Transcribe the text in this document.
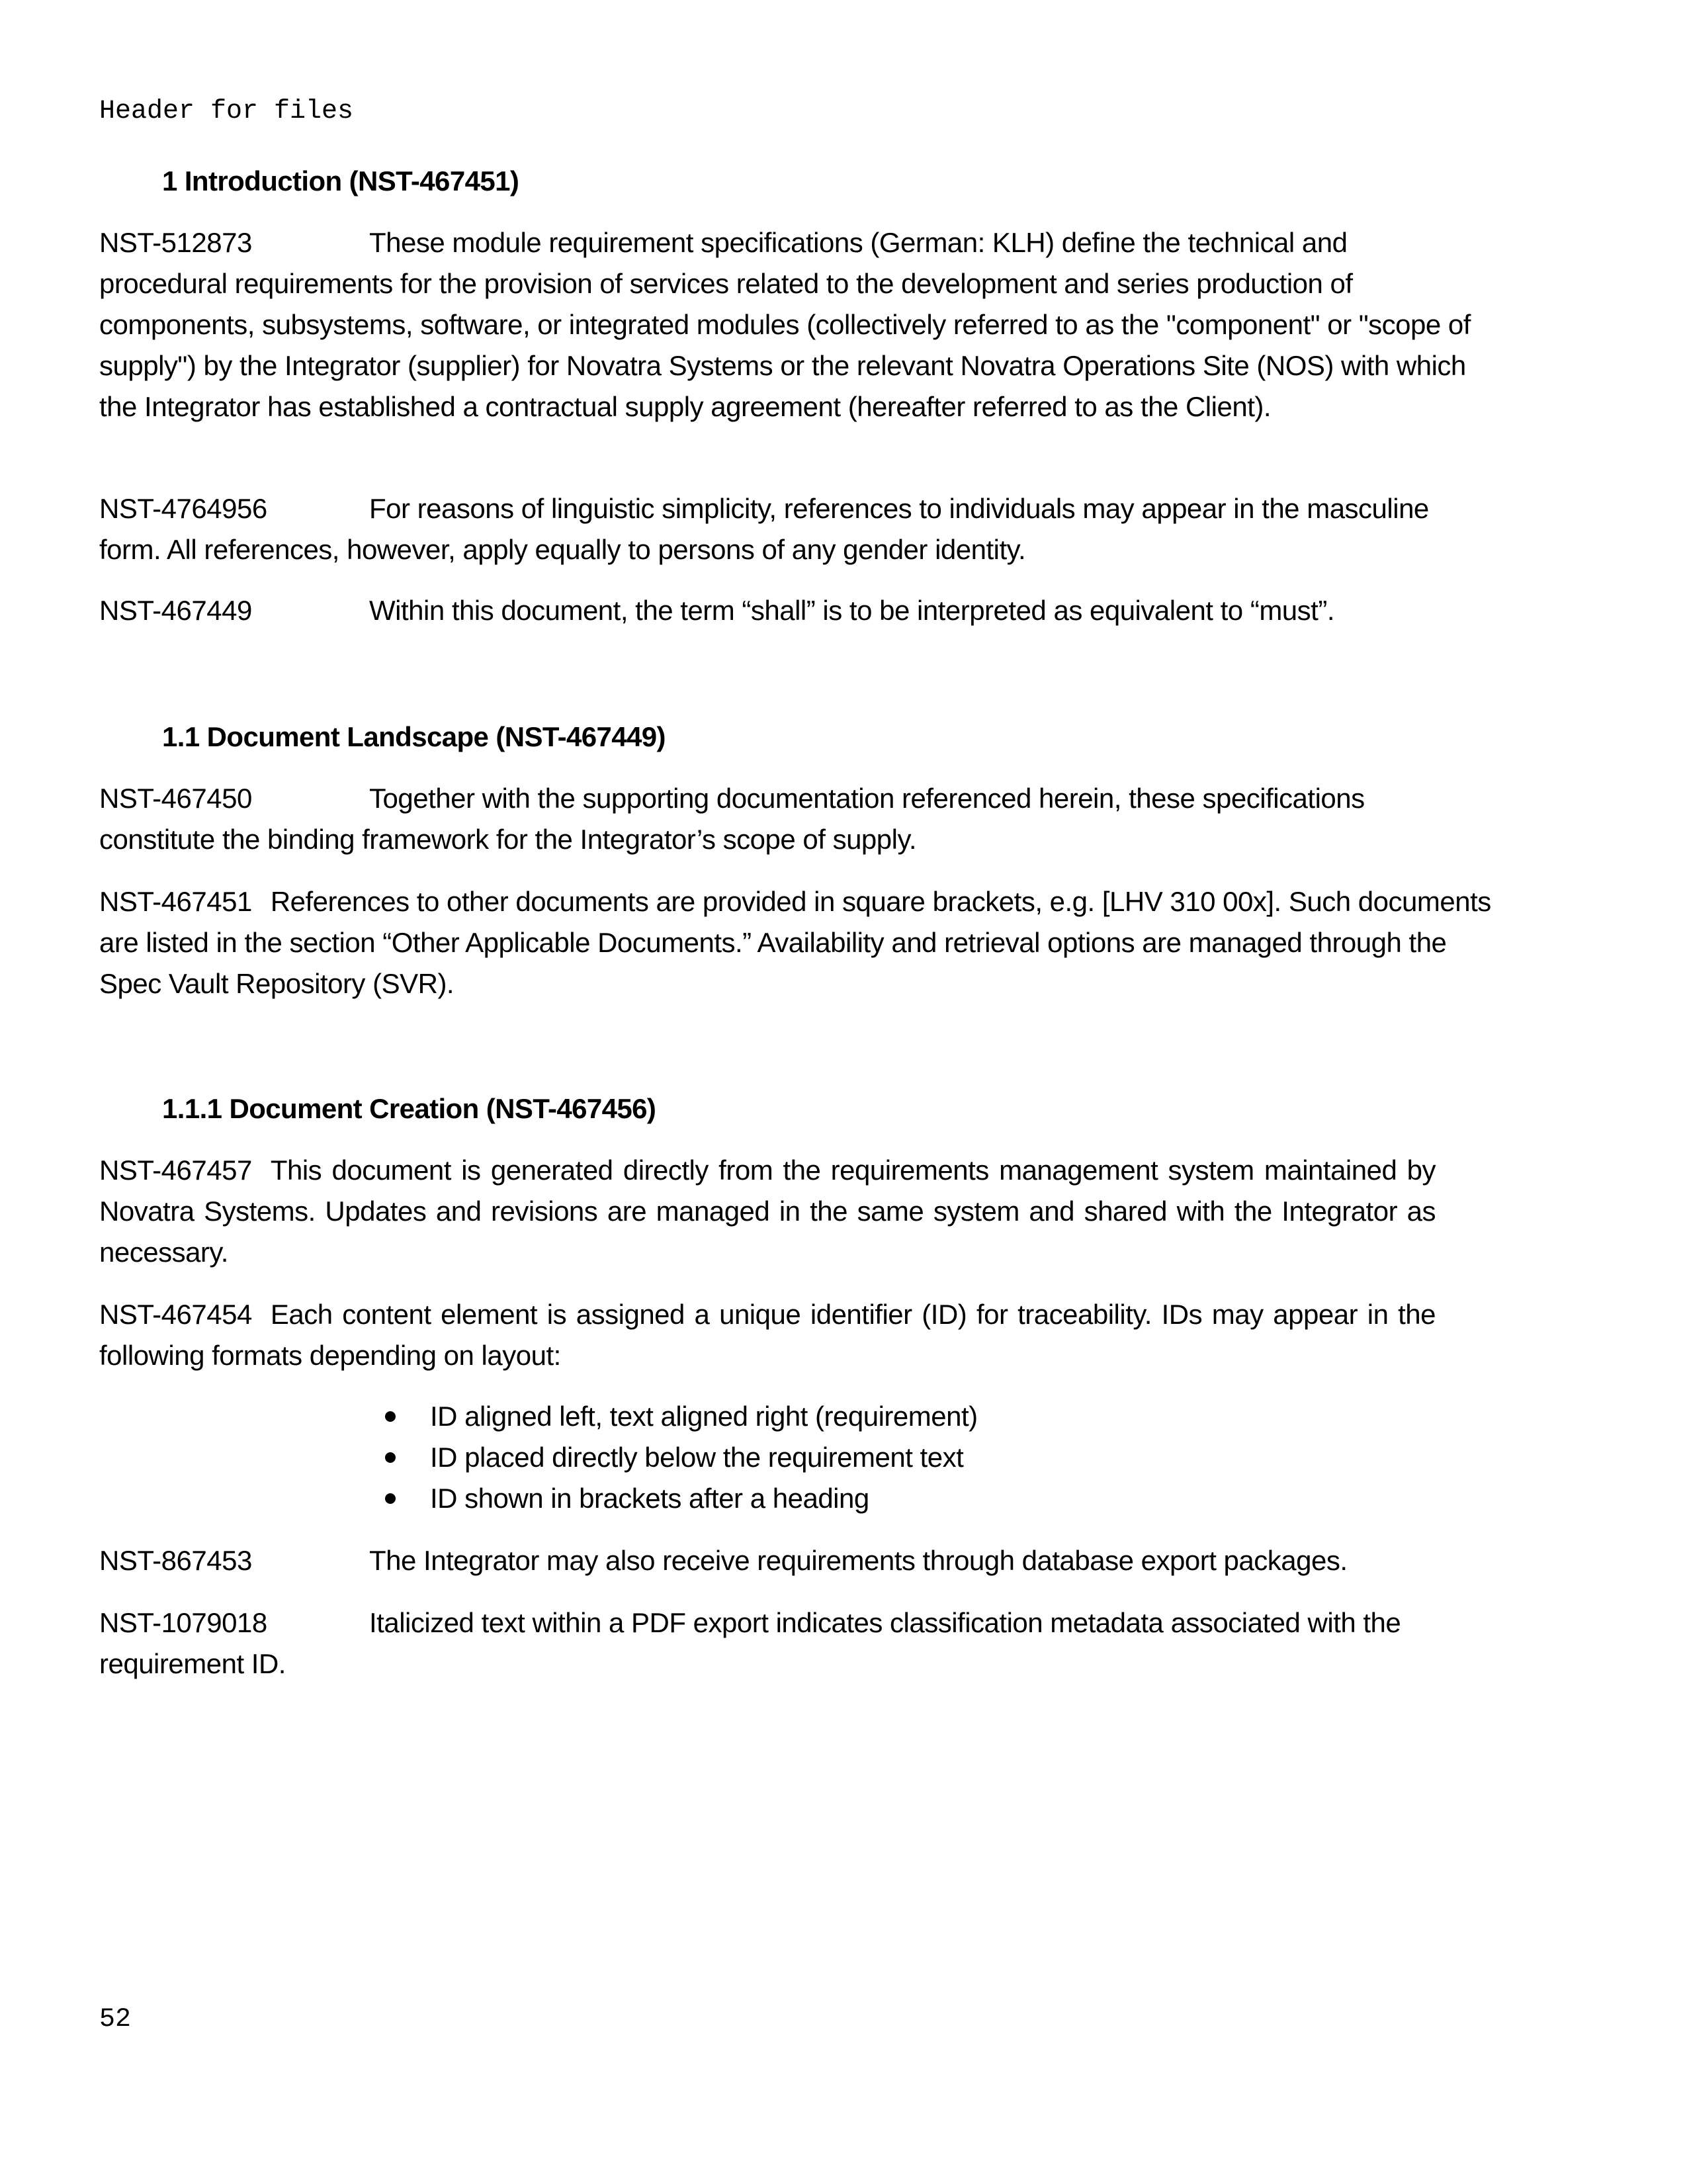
Header for files
1 Introduction (NST-467451)
NST-512873	These module requirement specifications (German: KLH) define the technical and procedural requirements for the provision of services related to the development and series production of components, subsystems, software, or integrated modules (collectively referred to as the "component" or "scope of supply") by the Integrator (supplier) for Novatra Systems or the relevant Novatra Operations Site (NOS) with which the Integrator has established a contractual supply agreement (hereafter referred to as the Client).
NST-4764956	For reasons of linguistic simplicity, references to individuals may appear in the masculine form. All references, however, apply equally to persons of any gender identity.
NST-467449	Within this document, the term “shall” is to be interpreted as equivalent to “must”.
1.1 Document Landscape (NST-467449)
NST-467450	Together with the supporting documentation referenced herein, these specifications constitute the binding framework for the Integrator’s scope of supply.
NST-467451 References to other documents are provided in square brackets, e.g. [LHV 310 00x]. Such documents are listed in the section “Other Applicable Documents.” Availability and retrieval options are managed through the Spec Vault Repository (SVR).
1.1.1 Document Creation (NST-467456)
NST-467457 This document is generated directly from the requirements management system maintained by Novatra Systems. Updates and revisions are managed in the same system and shared with the Integrator as necessary.
NST-467454 Each content element is assigned a unique identifier (ID) for traceability. IDs may appear in the following formats depending on layout:
ID aligned left, text aligned right (requirement)
ID placed directly below the requirement text
ID shown in brackets after a heading
NST-867453	The Integrator may also receive requirements through database export packages.
NST-1079018	Italicized text within a PDF export indicates classification metadata associated with the requirement ID.
52
